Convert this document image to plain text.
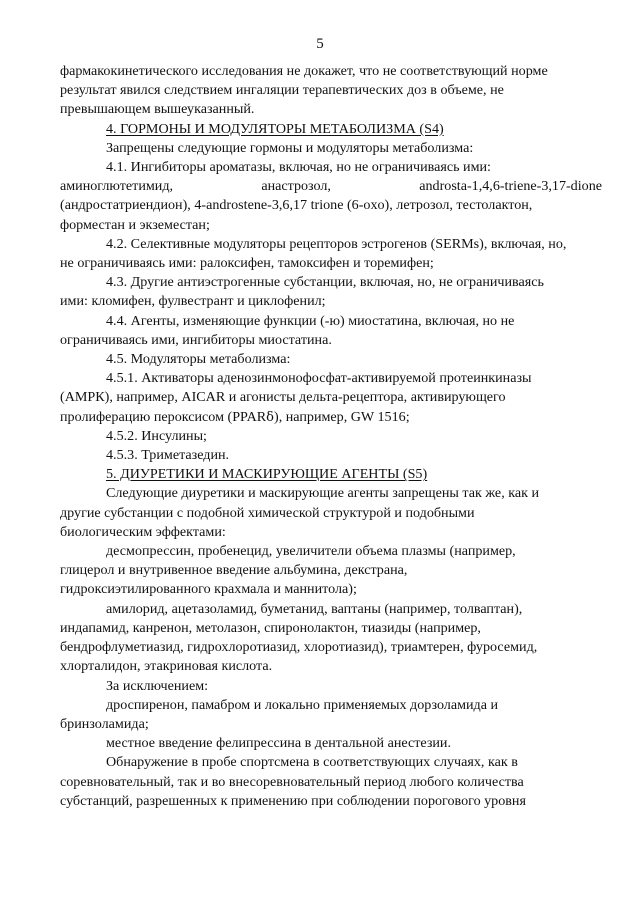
5

фармакокинетического исследования не докажет, что не соответствующий норме

результат явился следствием ингаляции терапевтических доз в объеме, не

превышающем вышеуказанный.

4. ГОРМОНЫ И МОДУЛЯТОРЫ МЕТАБОЛИЗМА (S4)

Запрещены следующие гормоны и модуляторы метаболизма:

4.1. Ингибиторы ароматазы, включая, но не ограничиваясь ими:

аминоглютетимид,	анастрозол,	androsta-1,4,6-triene-3,17-dione

(андростатриендион), 4-androstene-3,6,17 trione (6-oxo), летрозол, тестолактон,

форместан и экземестан;

4.2. Селективные модуляторы рецепторов эстрогенов (SERMs), включая, но,

не ограничиваясь ими: ралоксифен, тамоксифен и торемифен;

4.3. Другие антиэстрогенные субстанции, включая, но, не ограничиваясь

ими: кломифен, фулвестрант и циклофенил;

4.4. Агенты, изменяющие функции (-ю) миостатина, включая, но не

ограничиваясь ими, ингибиторы миостатина.

4.5. Модуляторы метаболизма:

4.5.1. Активаторы аденозинмонофосфат-активируемой протеинкиназы

(АМРК), например, AICAR и агонисты дельта-рецептора, активирующего

пролиферацию пероксисом (PPARδ), например, GW 1516;

4.5.2. Инсулины;

4.5.3. Триметазедин.

5. ДИУРЕТИКИ И МАСКИРУЮЩИЕ АГЕНТЫ (S5)

Следующие диуретики и маскирующие агенты запрещены так же, как и

другие субстанции с подобной химической структурой и подобными

биологическим эффектами:

десмопрессин, пробенецид, увеличители объема плазмы (например,

глицерол и внутривенное введение альбумина, декстрана,

гидроксиэтилированного крахмала и маннитола);

амилорид, ацетазоламид, буметанид, ваптаны (например, толваптан),

индапамид, канренон, метолазон, спиронолактон, тиазиды (например,

бендрофлуметиазид, гидрохлоротиазид, хлоротиазид), триамтерен, фуросемид,

хлорталидон, этакриновая кислота.

За исключением:

дроспиренон, памабром и локально применяемых дорзоламида и

бринзоламида;

местное введение фелипрессина в дентальной анестезии.

Обнаружение в пробе спортсмена в соответствующих случаях, как в

соревновательный, так и во внесоревновательный период любого количества

субстанций, разрешенных к применению при соблюдении порогового уровня
